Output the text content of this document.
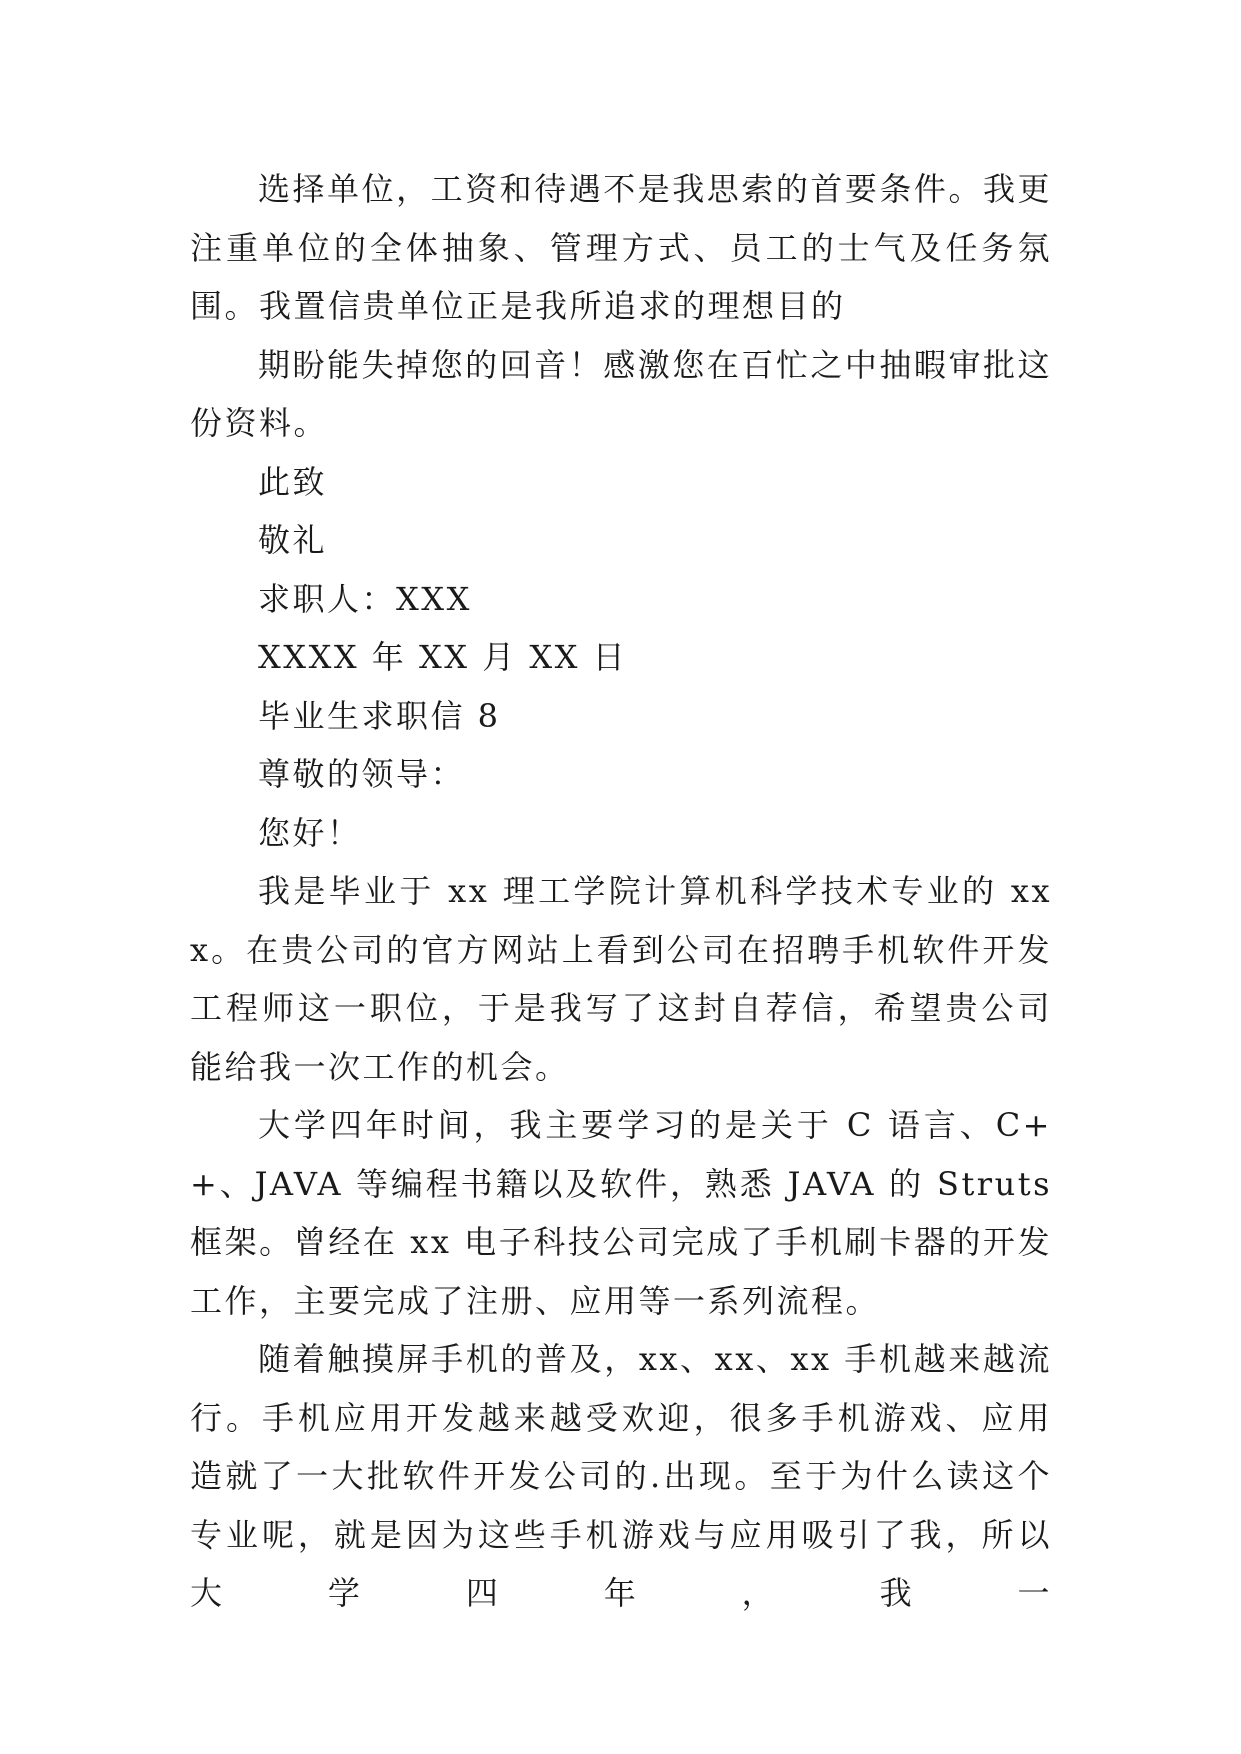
选择单位，工资和待遇不是我思索的首要条件。我更注重单位的全体抽象、管理方式、员工的士气及任务氛围。我置信贵单位正是我所追求的理想目的

期盼能失掉您的回音！感激您在百忙之中抽暇审批这份资料。

此致

敬礼

求职人：XXX

XXXX 年 XX 月 XX 日

毕业生求职信 8

尊敬的领导：

您好！

我是毕业于 xx 理工学院计算机科学技术专业的 xxx。在贵公司的官方网站上看到公司在招聘手机软件开发工程师这一职位，于是我写了这封自荐信，希望贵公司能给我一次工作的机会。

大学四年时间，我主要学习的是关于 C 语言、C++、JAVA 等编程书籍以及软件，熟悉 JAVA 的 Struts 框架。曾经在 xx 电子科技公司完成了手机刷卡器的开发工作，主要完成了注册、应用等一系列流程。

随着触摸屏手机的普及，xx、xx、xx 手机越来越流行。手机应用开发越来越受欢迎，很多手机游戏、应用造就了一大批软件开发公司的.出现。至于为什么读这个专业呢，就是因为这些手机游戏与应用吸引了我，所以大学四年，我一
